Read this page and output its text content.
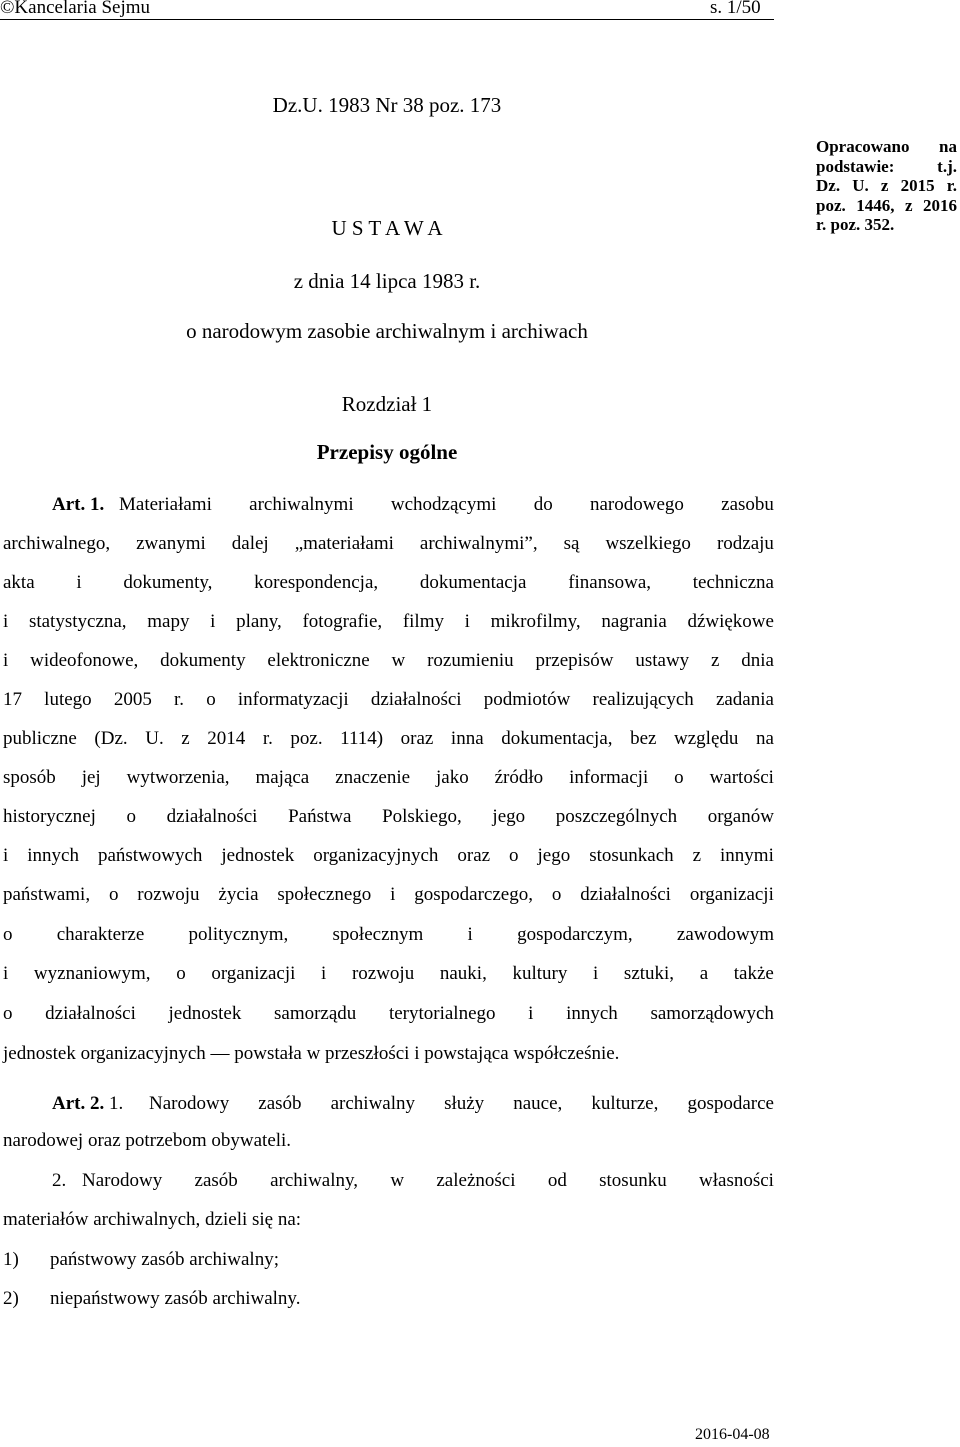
©Kancelaria Sejmu	s. 1/50
Dz.U. 1983 Nr 38 poz. 173
U S T A W A
z dnia 14 lipca 1983 r.
o narodowym zasobie archiwalnym i archiwach
Rozdział 1
Przepisy ogólne
Opracowano na
podstawie:	t.j.
Dz. U. z 2015 r.
poz. 1446, z 2016
r. poz. 352.
Art. 1. Materiałami archiwalnymi wchodzącymi do narodowego zasobu
archiwalnego, zwanymi dalej „materiałami archiwalnymi”, są wszelkiego rodzaju
akta i dokumenty, korespondencja, dokumentacja finansowa, techniczna
i statystyczna, mapy i plany, fotografie, filmy i mikrofilmy, nagrania dźwiękowe
i wideofonowe, dokumenty elektroniczne w rozumieniu przepisów ustawy z dnia
17 lutego 2005 r. o informatyzacji działalności podmiotów realizujących zadania
publiczne (Dz. U. z 2014 r. poz. 1114) oraz inna dokumentacja, bez względu na
sposób jej wytworzenia, mająca znaczenie jako źródło informacji o wartości
historycznej o działalności Państwa Polskiego, jego poszczególnych organów
i innych państwowych jednostek organizacyjnych oraz o jego stosunkach z innymi
państwami, o rozwoju życia społecznego i gospodarczego, o działalności organizacji
o charakterze politycznym, społecznym i gospodarczym, zawodowym
i wyznaniowym, o organizacji i rozwoju nauki, kultury i sztuki, a także
o działalności jednostek samorządu terytorialnego i innych samorządowych
jednostek organizacyjnych — powstała w przeszłości i powstająca współcześnie.
Art. 2. 1. Narodowy zasób archiwalny służy nauce, kulturze, gospodarce
narodowej oraz potrzebom obywateli.
2. Narodowy zasób archiwalny, w zależności od stosunku własności
materiałów archiwalnych, dzieli się na:
1) państwowy zasób archiwalny;
2) niepaństwowy zasób archiwalny.
2016-04-08
